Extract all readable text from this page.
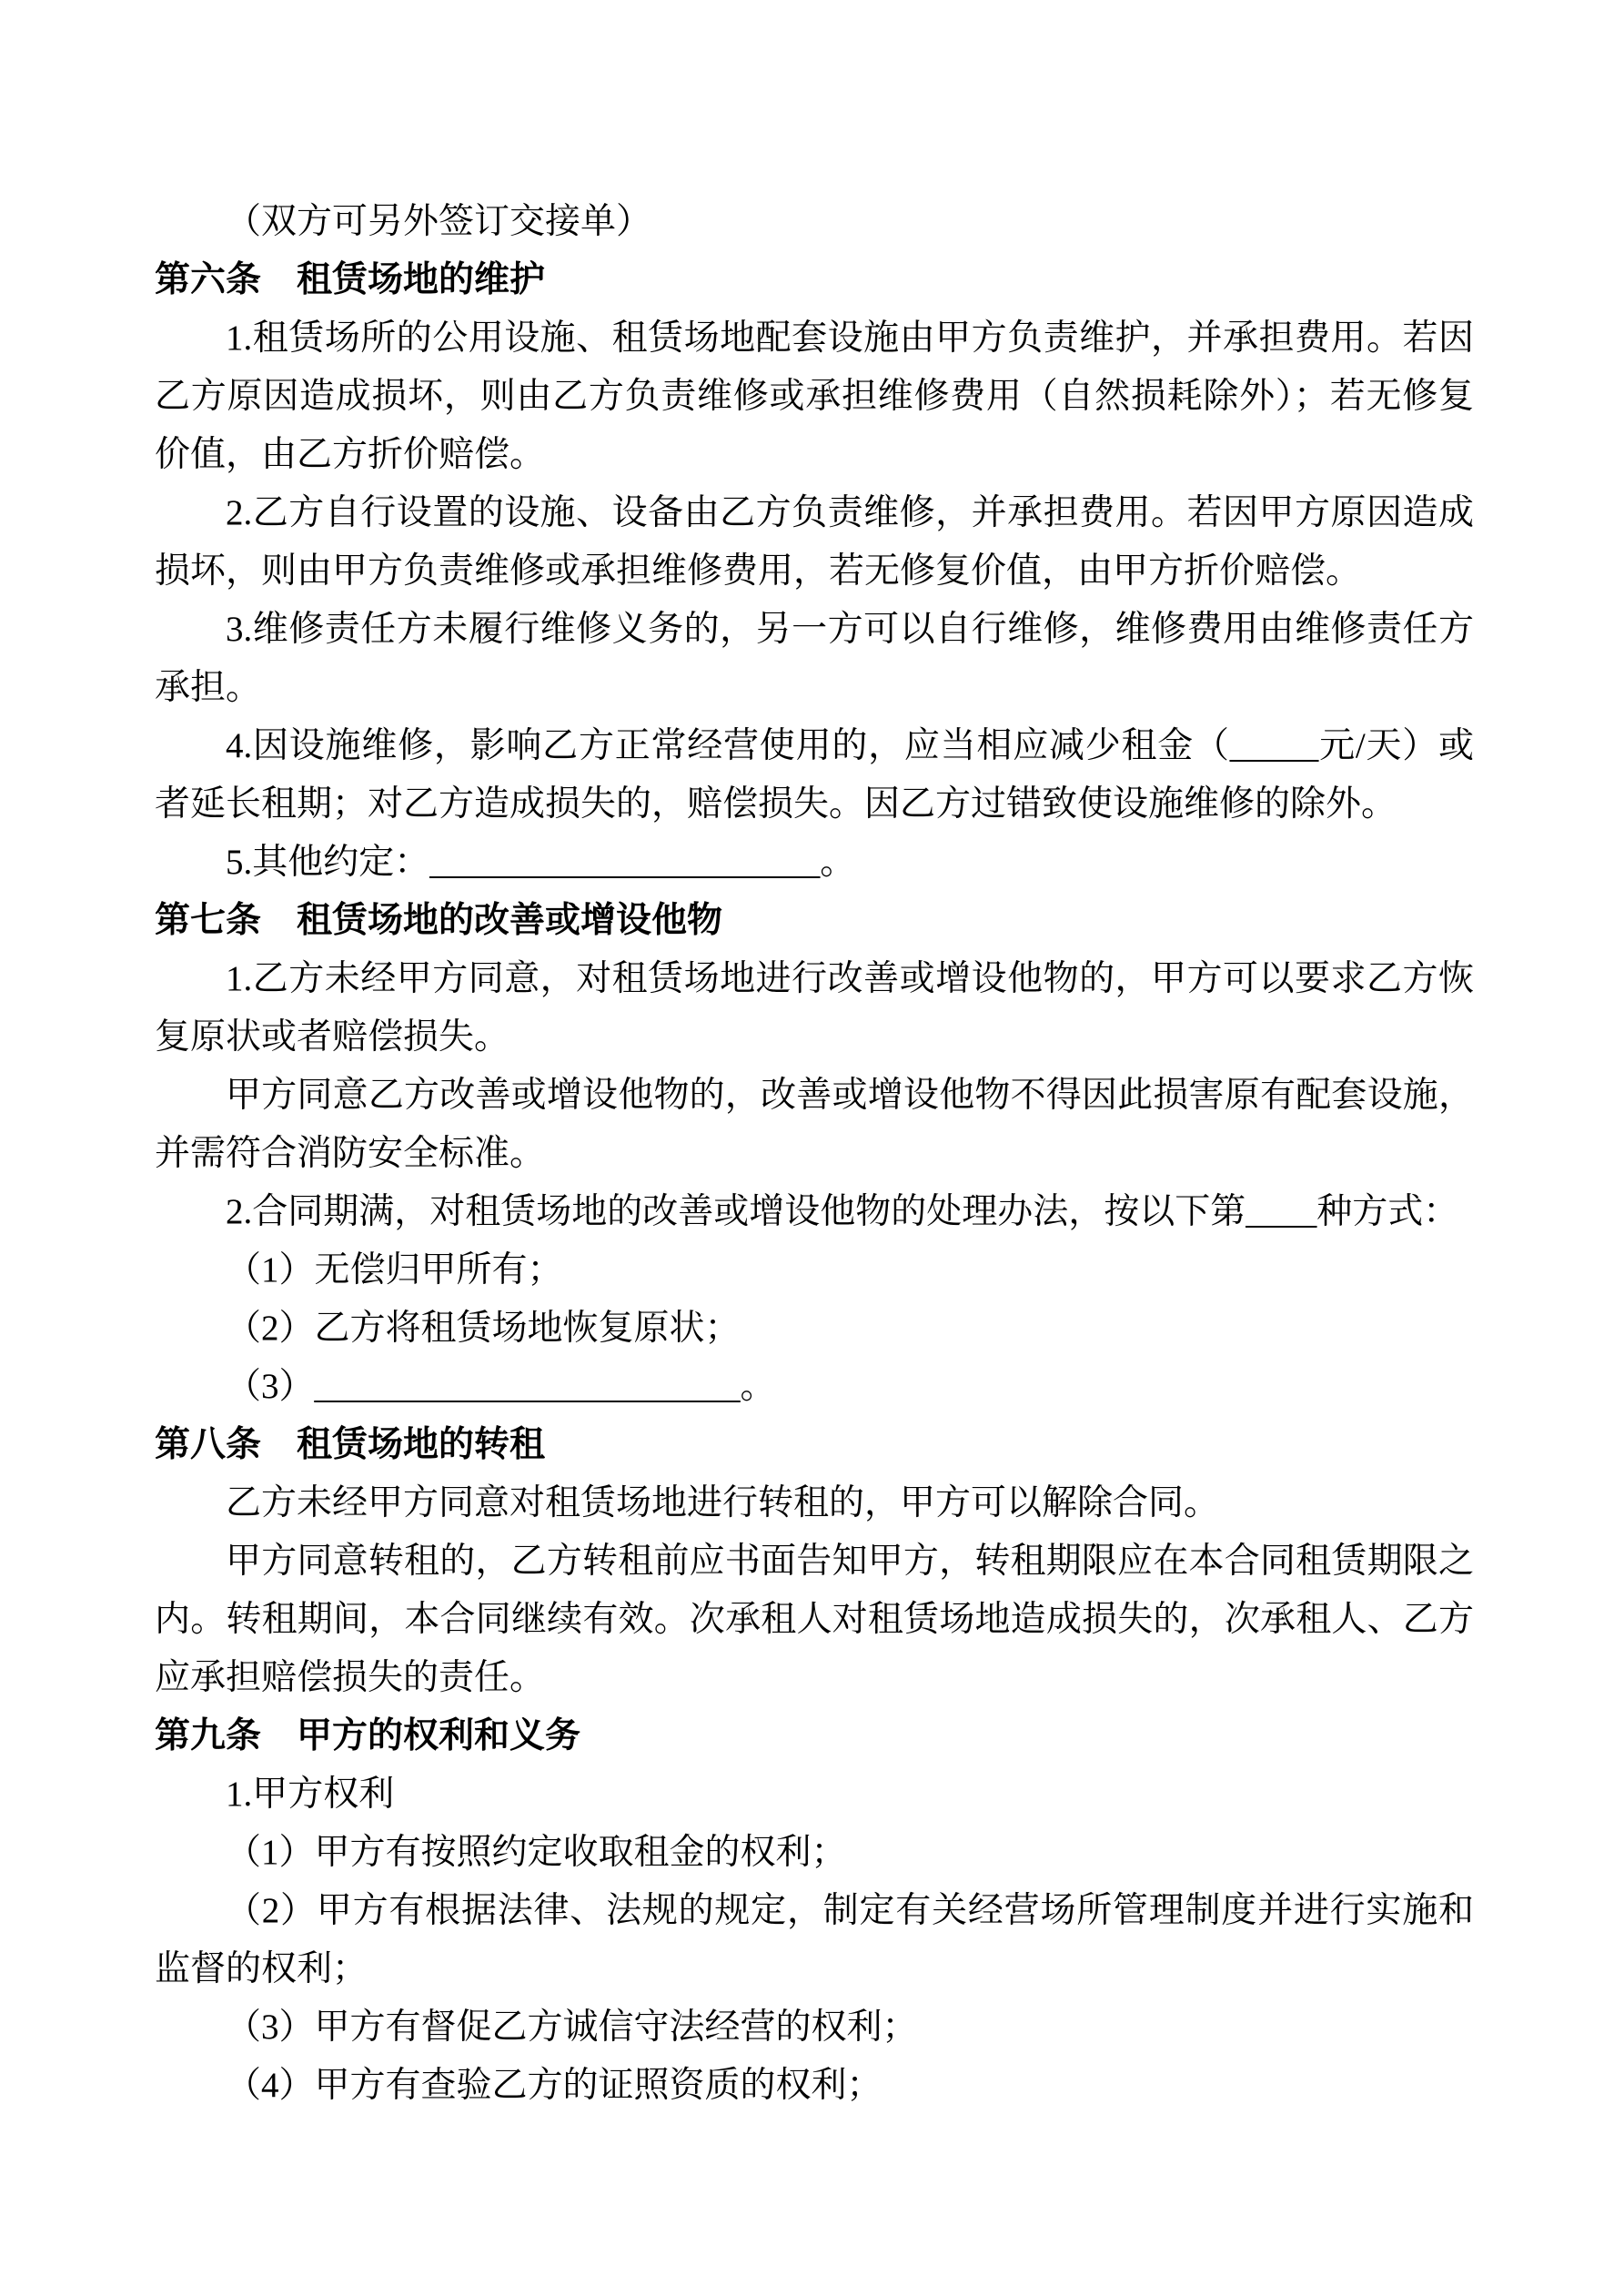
（双方可另外签订交接单）

第六条　租赁场地的维护

1.租赁场所的公用设施、租赁场地配套设施由甲方负责维护，并承担费用。若因乙方原因造成损坏，则由乙方负责维修或承担维修费用（自然损耗除外）；若无修复价值，由乙方折价赔偿。

2.乙方自行设置的设施、设备由乙方负责维修，并承担费用。若因甲方原因造成损坏，则由甲方负责维修或承担维修费用，若无修复价值，由甲方折价赔偿。

3.维修责任方未履行维修义务的，另一方可以自行维修，维修费用由维修责任方承担。

4.因设施维修，影响乙方正常经营使用的，应当相应减少租金（_____元/天）或者延长租期；对乙方造成损失的，赔偿损失。因乙方过错致使设施维修的除外。

5.其他约定：______________________。

第七条　租赁场地的改善或增设他物

1.乙方未经甲方同意，对租赁场地进行改善或增设他物的，甲方可以要求乙方恢复原状或者赔偿损失。

甲方同意乙方改善或增设他物的，改善或增设他物不得因此损害原有配套设施，并需符合消防安全标准。

2.合同期满，对租赁场地的改善或增设他物的处理办法，按以下第____种方式：

（1）无偿归甲所有；

（2）乙方将租赁场地恢复原状；

（3）________________________。

第八条　租赁场地的转租

乙方未经甲方同意对租赁场地进行转租的，甲方可以解除合同。

甲方同意转租的，乙方转租前应书面告知甲方，转租期限应在本合同租赁期限之内。转租期间，本合同继续有效。次承租人对租赁场地造成损失的，次承租人、乙方应承担赔偿损失的责任。

第九条　甲方的权利和义务

1.甲方权利

（1）甲方有按照约定收取租金的权利；

（2）甲方有根据法律、法规的规定，制定有关经营场所管理制度并进行实施和监督的权利；

（3）甲方有督促乙方诚信守法经营的权利；

（4）甲方有查验乙方的证照资质的权利；
